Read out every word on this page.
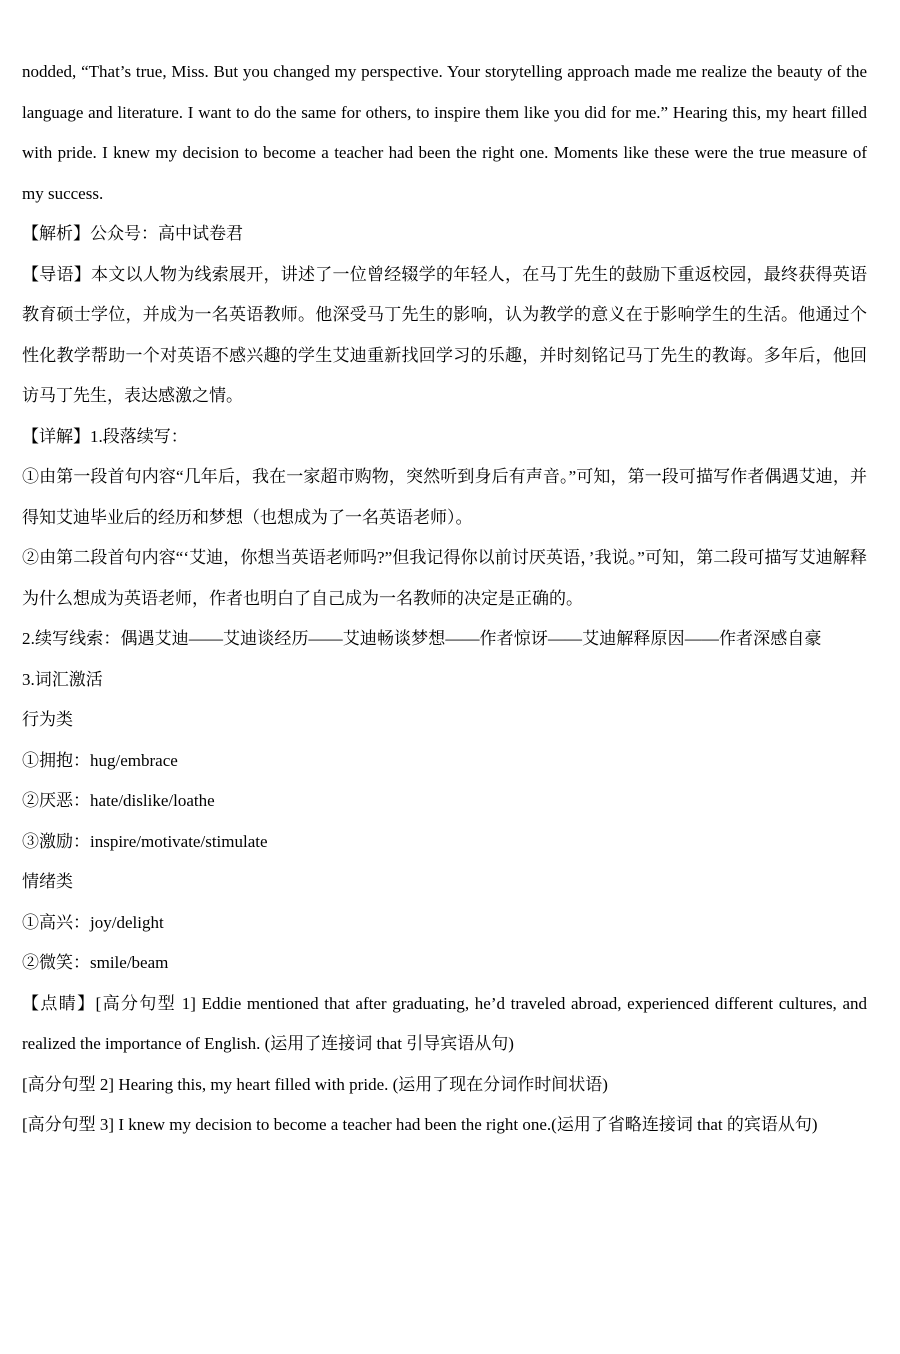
nodded, “That’s true, Miss. But you changed my perspective. Your storytelling approach made me realize the beauty of the language and literature. I want to do the same for others, to inspire them like you did for me.” Hearing this, my heart filled with pride. I knew my decision to become a teacher had been the right one. Moments like these were the true measure of my success.

【解析】公众号：高中试卷君

【导语】本文以人物为线索展开，讲述了一位曾经辍学的年轻人，在马丁先生的鼓励下重返校园，最终获得英语教育硕士学位，并成为一名英语教师。他深受马丁先生的影响，认为教学的意义在于影响学生的生活。他通过个性化教学帮助一个对英语不感兴趣的学生艾迪重新找回学习的乐趣，并时刻铭记马丁先生的教诲。多年后，他回访马丁先生，表达感激之情。

【详解】1.段落续写：

①由第一段首句内容“几年后，我在一家超市购物，突然听到身后有声音。”可知，第一段可描写作者偶遇艾迪，并得知艾迪毕业后的经历和梦想（也想成为了一名英语老师）。

②由第二段首句内容“‘艾迪，你想当英语老师吗?”但我记得你以前讨厌英语，’我说。”可知，第二段可描写艾迪解释为什么想成为英语老师，作者也明白了自己成为一名教师的决定是正确的。

2.续写线索：偶遇艾迪——艾迪谈经历——艾迪畅谈梦想——作者惊讶——艾迪解释原因——作者深感自豪

3.词汇激活

行为类

①拥抱：hug/embrace

②厌恶：hate/dislike/loathe

③激励：inspire/motivate/stimulate

情绪类

①高兴：joy/delight

②微笑：smile/beam

【点睛】[高分句型 1] Eddie mentioned that after graduating, he’d traveled abroad, experienced different cultures, and realized the importance of English. (运用了连接词 that 引导宾语从句)

[高分句型 2] Hearing this, my heart filled with pride. (运用了现在分词作时间状语)

[高分句型 3] I knew my decision to become a teacher had been the right one.(运用了省略连接词 that 的宾语从句)
